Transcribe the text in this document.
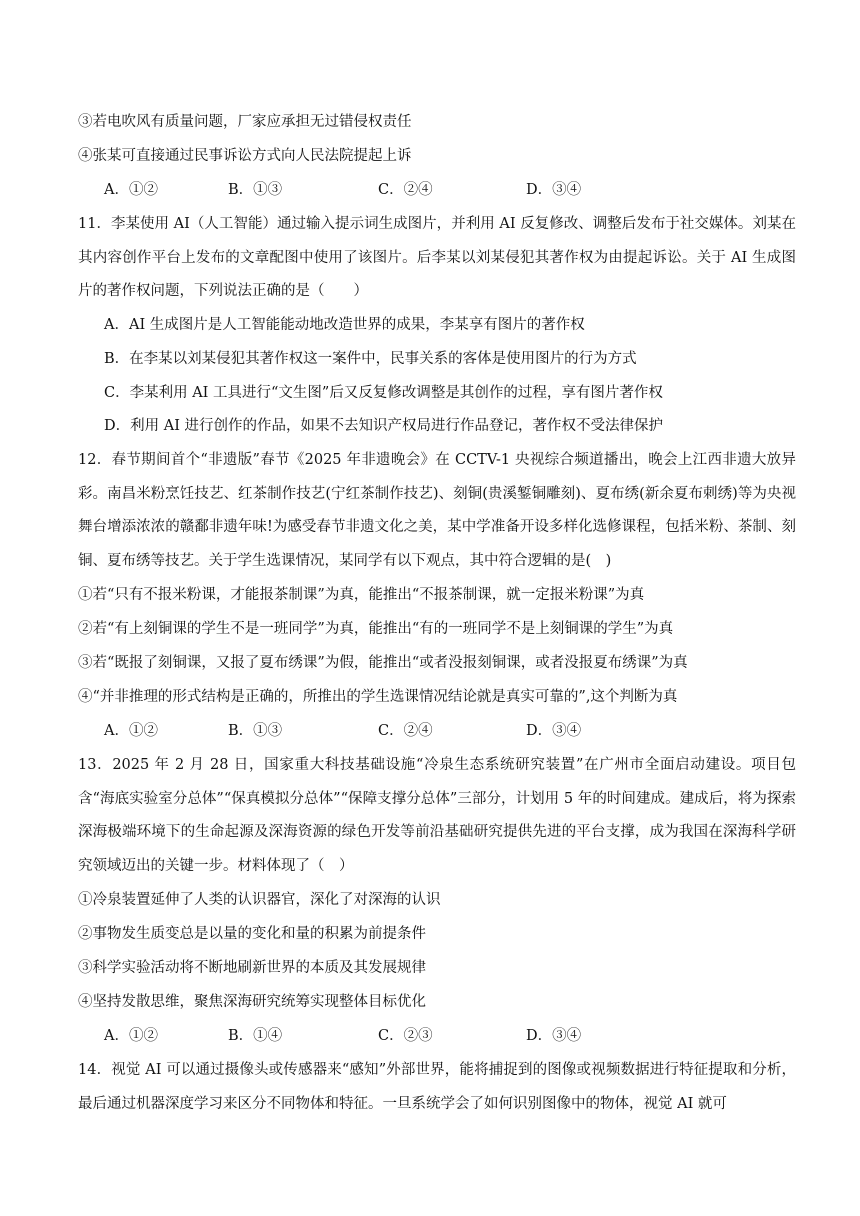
③若电吹风有质量问题，厂家应承担无过错侵权责任
④张某可直接通过民事诉讼方式向人民法院提起上诉
A．①②	B．①③	C．②④	D．③④
11．李某使用 AI（人工智能）通过输入提示词生成图片，并利用 AI 反复修改、调整后发布于社交媒体。刘某在其内容创作平台上发布的文章配图中使用了该图片。后李某以刘某侵犯其著作权为由提起诉讼。关于 AI 生成图片的著作权问题，下列说法正确的是（　　）
A．AI 生成图片是人工智能能动地改造世界的成果，李某享有图片的著作权
B．在李某以刘某侵犯其著作权这一案件中，民事关系的客体是使用图片的行为方式
C．李某利用 AI 工具进行“文生图”后又反复修改调整是其创作的过程，享有图片著作权
D．利用 AI 进行创作的作品，如果不去知识产权局进行作品登记，著作权不受法律保护
12．春节期间首个“非遗版”春节《2025 年非遗晚会》在 CCTV-1 央视综合频道播出，晚会上江西非遗大放异彩。南昌米粉烹饪技艺、红茶制作技艺(宁红茶制作技艺)、刻铜(贵溪錾铜雕刻)、夏布绣(新余夏布刺绣)等为央视舞台增添浓浓的赣鄱非遗年味!为感受春节非遗文化之美，某中学准备开设多样化选修课程，包括米粉、茶制、刻铜、夏布绣等技艺。关于学生选课情况，某同学有以下观点，其中符合逻辑的是(　)
①若“只有不报米粉课，才能报茶制课”为真，能推出“不报茶制课，就一定报米粉课”为真
②若“有上刻铜课的学生不是一班同学”为真，能推出“有的一班同学不是上刻铜课的学生”为真
③若“既报了刻铜课，又报了夏布绣课”为假，能推出“或者没报刻铜课，或者没报夏布绣课”为真
④“并非推理的形式结构是正确的，所推出的学生选课情况结论就是真实可靠的”,这个判断为真
A．①②	B．①③	C．②④	D．③④
13．2025 年 2 月 28 日，国家重大科技基础设施“冷泉生态系统研究装置”在广州市全面启动建设。项目包含“海底实验室分总体”“保真模拟分总体”“保障支撑分总体”三部分，计划用 5 年的时间建成。建成后，将为探索深海极端环境下的生命起源及深海资源的绿色开发等前沿基础研究提供先进的平台支撑，成为我国在深海科学研究领域迈出的关键一步。材料体现了（　）
①冷泉装置延伸了人类的认识器官，深化了对深海的认识
②事物发生质变总是以量的变化和量的积累为前提条件
③科学实验活动将不断地刷新世界的本质及其发展规律
④坚持发散思维，聚焦深海研究统筹实现整体目标优化
A．①②	B．①④	C．②③	D．③④
14．视觉 AI 可以通过摄像头或传感器来“感知”外部世界，能将捕捉到的图像或视频数据进行特征提取和分析，最后通过机器深度学习来区分不同物体和特征。一旦系统学会了如何识别图像中的物体，视觉 AI 就可
